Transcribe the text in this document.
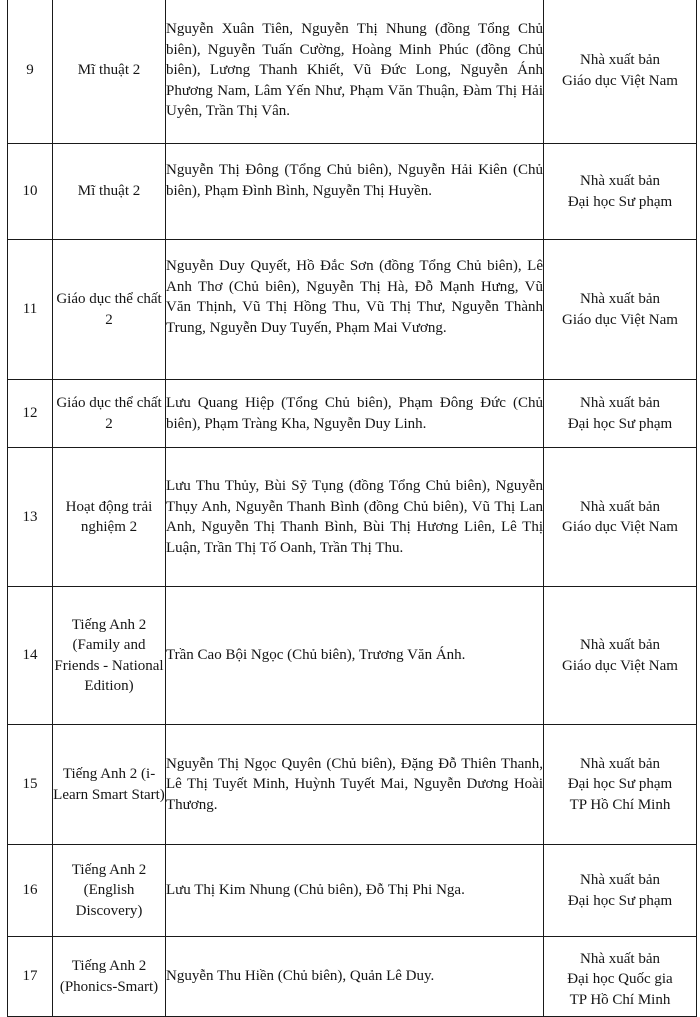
9	Mĩ thuật 2	Nguyễn Xuân Tiên, Nguyễn Thị Nhung (đồng Tổng Chủ biên), Nguyễn Tuấn Cường, Hoàng Minh Phúc (đồng Chủ biên), Lương Thanh Khiết, Vũ Đức Long, Nguyễn Ánh Phương Nam, Lâm Yến Như, Phạm Văn Thuận, Đàm Thị Hải Uyên, Trần Thị Vân.	Nhà xuất bản
Giáo dục Việt Nam

10	Mĩ thuật 2	Nguyễn Thị Đông (Tổng Chủ biên), Nguyễn Hải Kiên (Chủ biên), Phạm Đình Bình, Nguyễn Thị Huyền.	Nhà xuất bản
Đại học Sư phạm

11	Giáo dục thể chất 2	Nguyễn Duy Quyết, Hồ Đắc Sơn (đồng Tổng Chủ biên), Lê Anh Thơ (Chủ biên), Nguyễn Thị Hà, Đỗ Mạnh Hưng, Vũ Văn Thịnh, Vũ Thị Hồng Thu, Vũ Thị Thư, Nguyễn Thành Trung, Nguyễn Duy Tuyến, Phạm Mai Vương.	Nhà xuất bản
Giáo dục Việt Nam

12	Giáo dục thể chất 2	Lưu Quang Hiệp (Tổng Chủ biên), Phạm Đông Đức (Chủ biên), Phạm Tràng Kha, Nguyễn Duy Linh.	Nhà xuất bản
Đại học Sư phạm

13	Hoạt động trải nghiệm 2	Lưu Thu Thủy, Bùi Sỹ Tụng (đồng Tổng Chủ biên), Nguyễn Thụy Anh, Nguyễn Thanh Bình (đồng Chủ biên), Vũ Thị Lan Anh, Nguyễn Thị Thanh Bình, Bùi Thị Hương Liên, Lê Thị Luận, Trần Thị Tố Oanh, Trần Thị Thu.	Nhà xuất bản
Giáo dục Việt Nam

14	Tiếng Anh 2 (Family and Friends - National Edition)	Trần Cao Bội Ngọc (Chủ biên), Trương Văn Ánh.	Nhà xuất bản
Giáo dục Việt Nam

15	Tiếng Anh 2 (i-Learn Smart Start)	Nguyễn Thị Ngọc Quyên (Chủ biên), Đặng Đỗ Thiên Thanh, Lê Thị Tuyết Minh, Huỳnh Tuyết Mai, Nguyễn Dương Hoài Thương.	Nhà xuất bản
Đại học Sư phạm
TP Hồ Chí Minh

16	Tiếng Anh 2 (English Discovery)	Lưu Thị Kim Nhung (Chủ biên), Đỗ Thị Phi Nga.	Nhà xuất bản
Đại học Sư phạm

17	Tiếng Anh 2 (Phonics-Smart)	Nguyễn Thu Hiền (Chủ biên), Quản Lê Duy.	Nhà xuất bản
Đại học Quốc gia
TP Hồ Chí Minh
